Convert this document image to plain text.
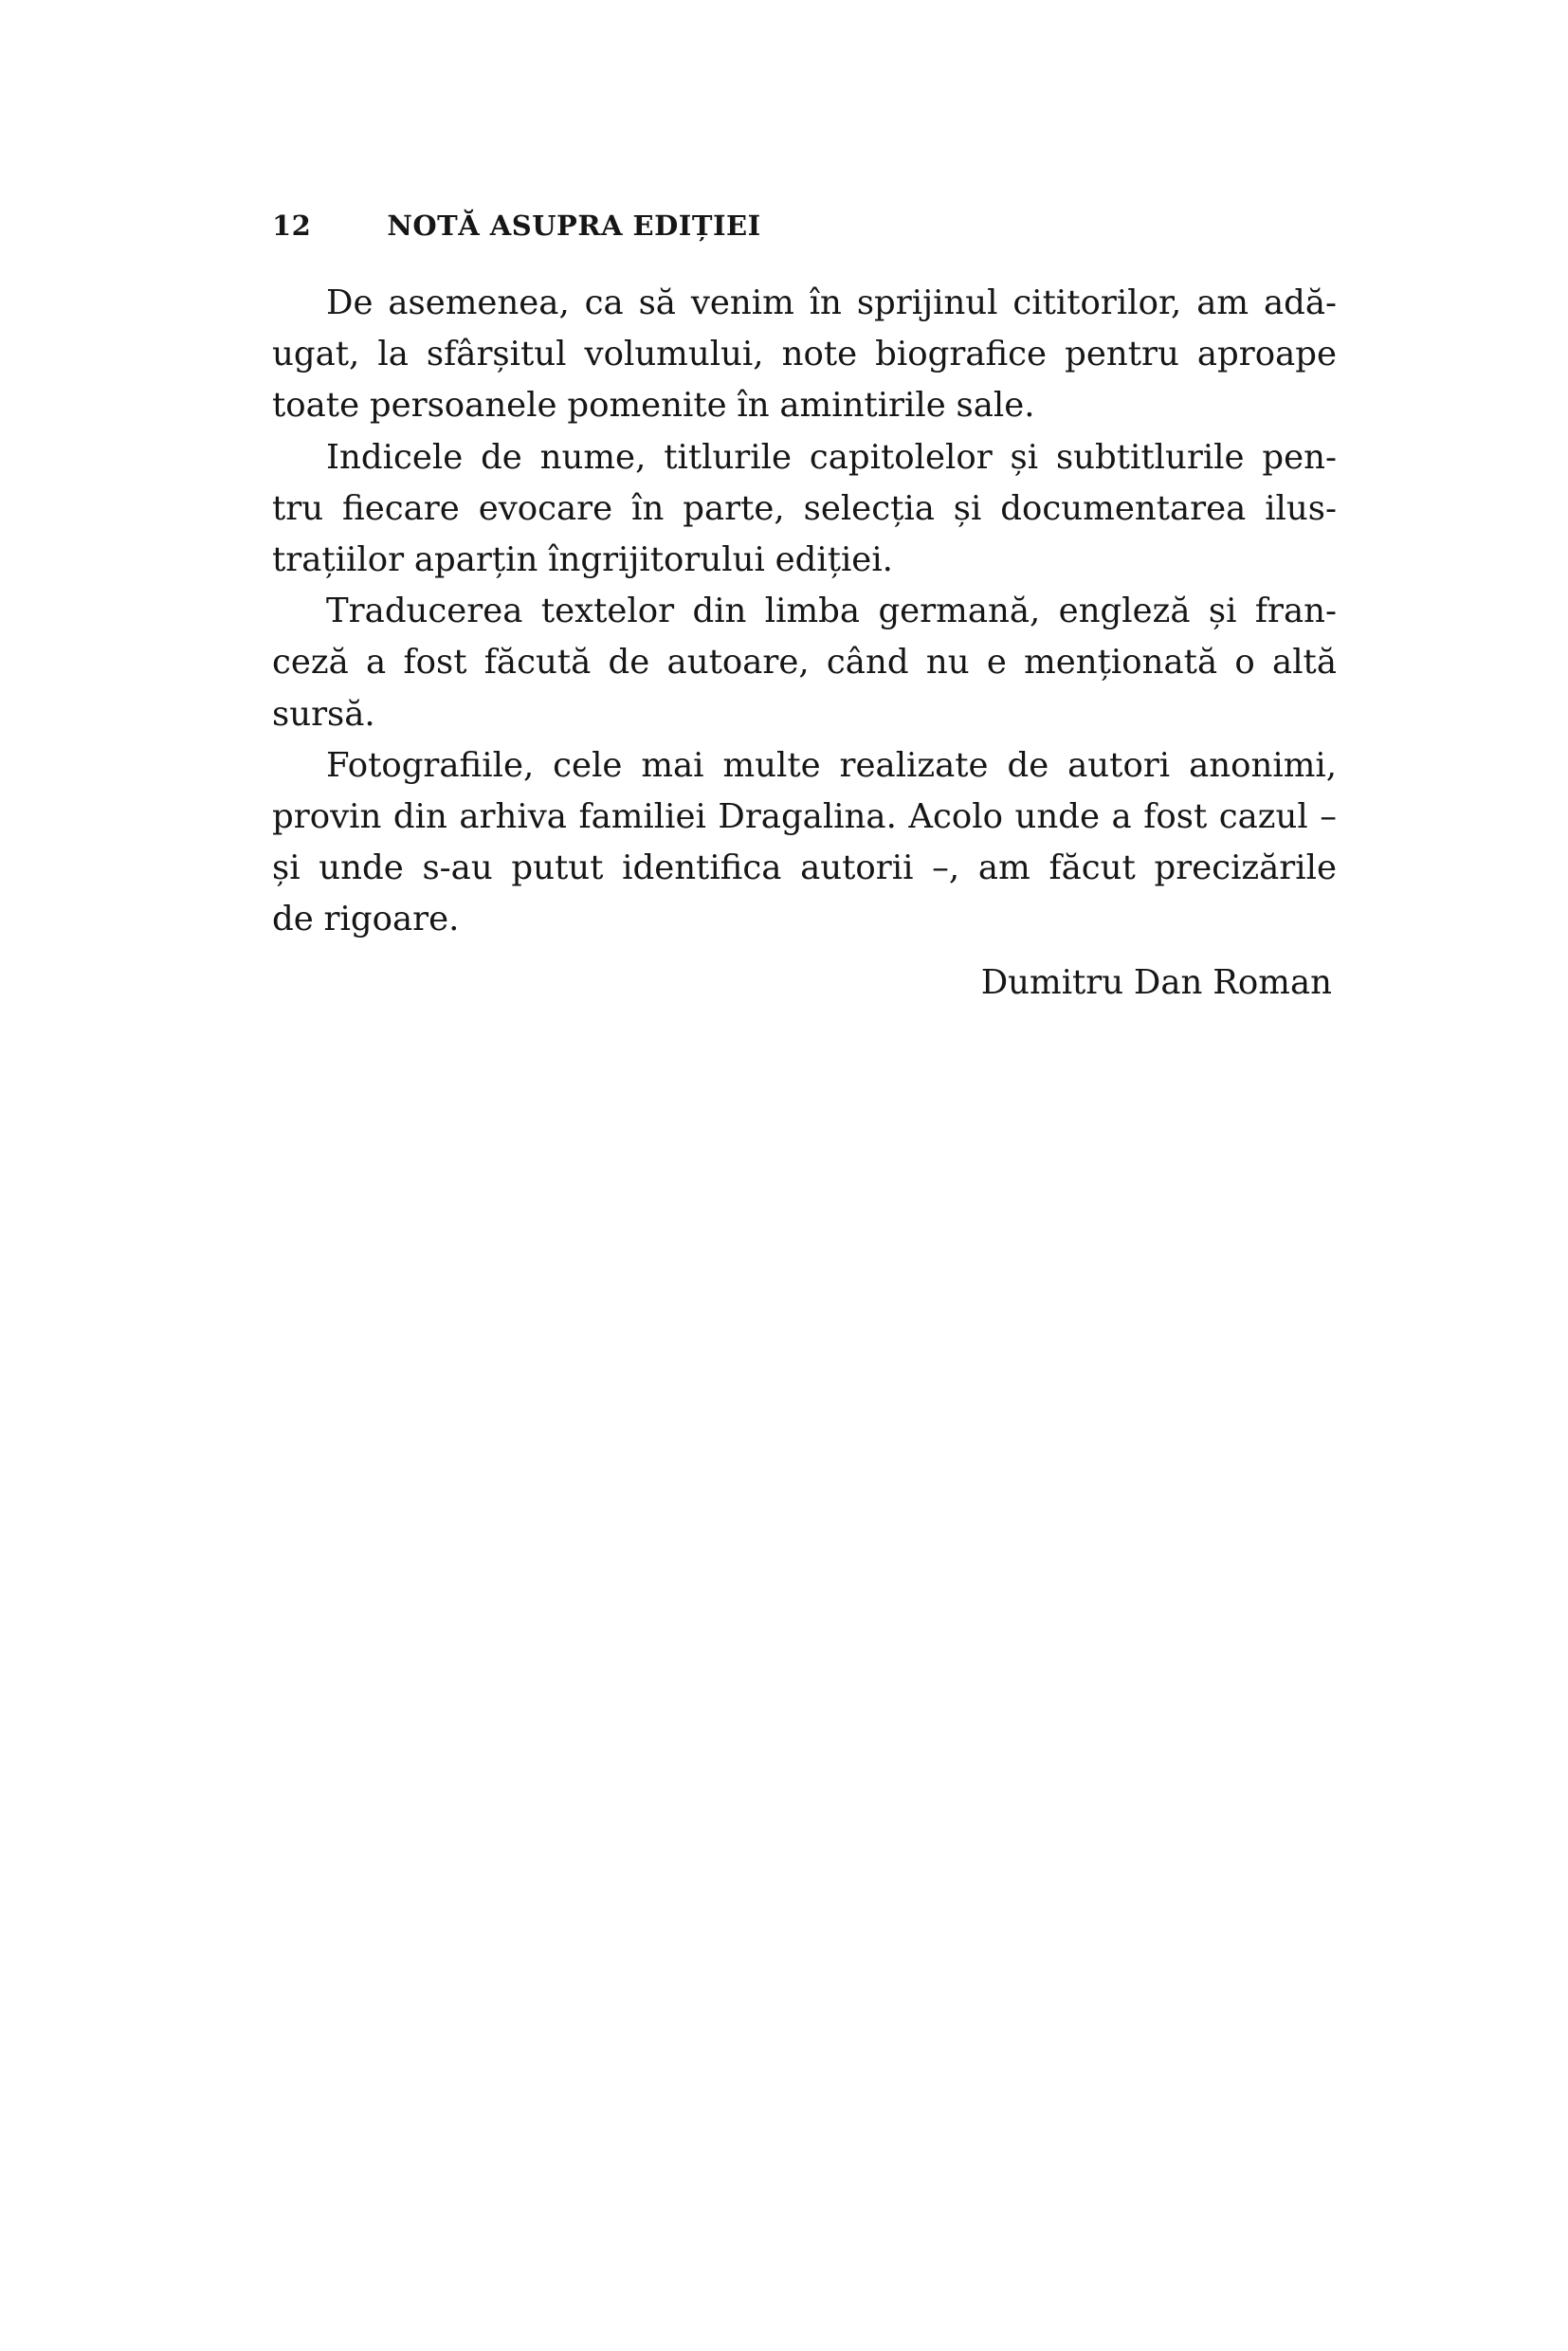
12	NOTĂ ASUPRA EDIȚIEI
De asemenea, ca să venim în sprijinul cititorilor, am adă-
ugat, la sfârșitul volumului, note biografice pentru aproape
toate persoanele pomenite în amintirile sale.
Indicele de nume, titlurile capitolelor și subtitlurile pen-
tru fiecare evocare în parte, selecția și documentarea ilus-
trațiilor aparțin îngrijitorului ediției.
Traducerea textelor din limba germană, engleză și fran-
ceză a fost făcută de autoare, când nu e menționată o altă
sursă.
Fotografiile, cele mai multe realizate de autori anonimi,
provin din arhiva familiei Dragalina. Acolo unde a fost cazul –
și unde s-au putut identifica autorii –, am făcut precizările
de rigoare.
Dumitru Dan Roman
